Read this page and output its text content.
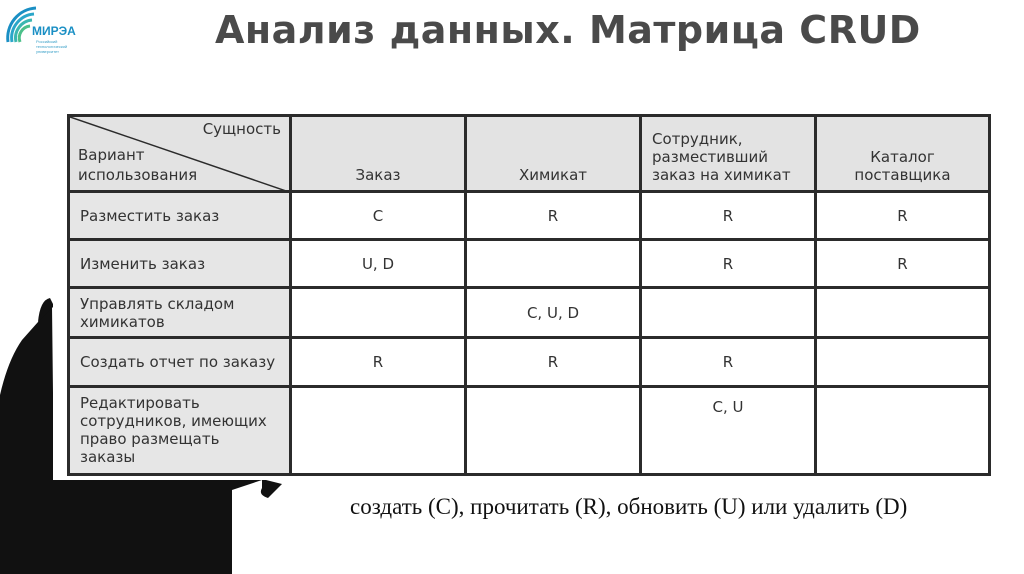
МИРЭА
Российский технологический университет	Анализ данных. Матрица CRUD
Сущность
Вариант использования	Заказ	Химикат	Сотрудник, разместивший заказ на химикат	Каталог поставщика
Разместить заказ	C	R	R	R
Изменить заказ	U, D		R	R
Управлять складом химикатов		C, U, D		
Создать отчет по заказу	R	R	R	
Редактировать сотрудников, имеющих право размещать заказы			C, U	
создать (C), прочитать (R), обновить (U) или удалить (D)
